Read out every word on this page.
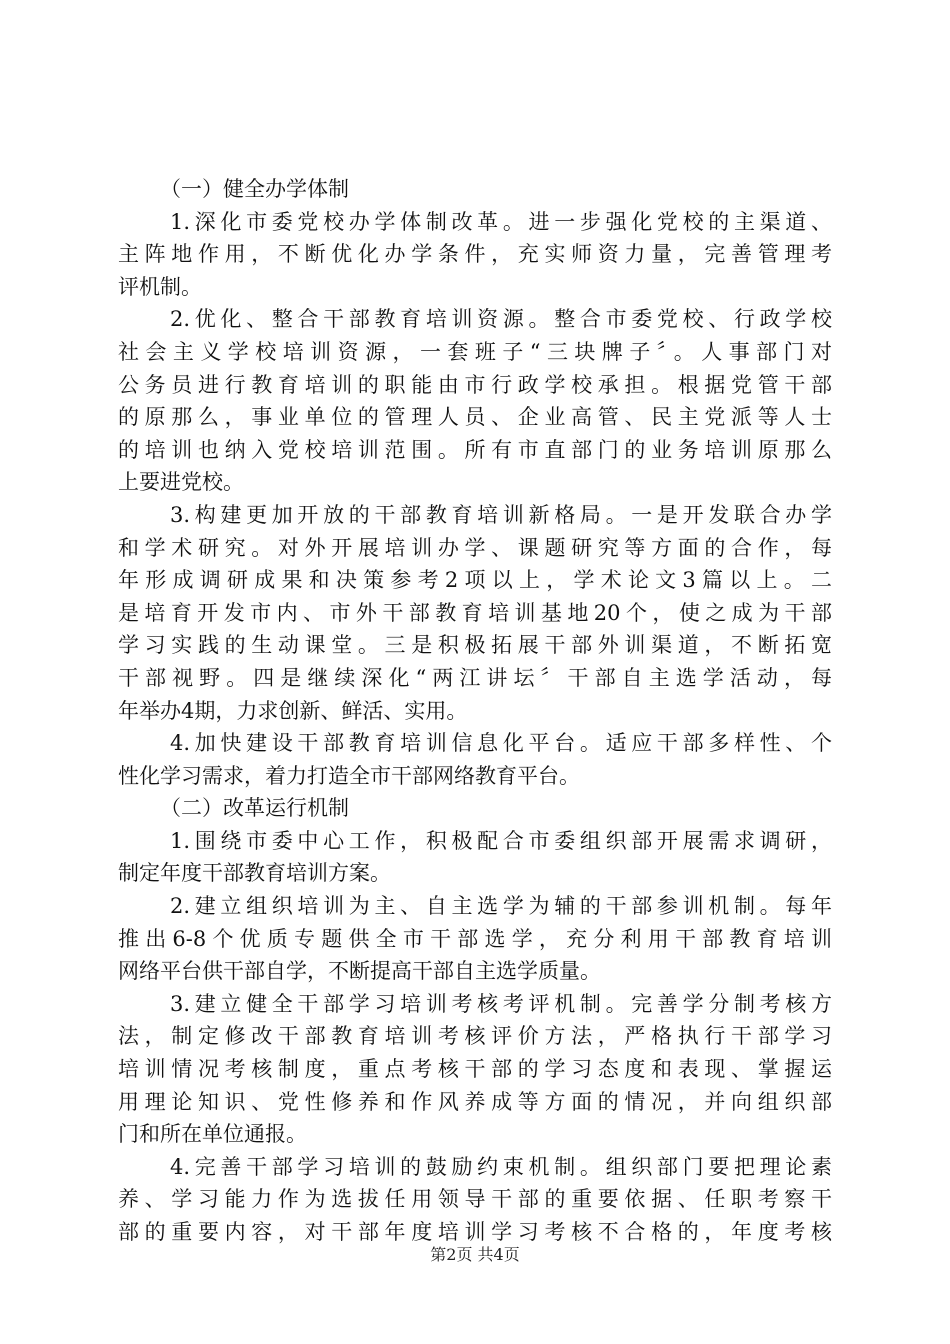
（一）健全办学体制
1.深化市委党校办学体制改革。进一步强化党校的主渠道、
主阵地作用，不断优化办学条件，充实师资力量，完善管理考
评机制。
2.优化、整合干部教育培训资源。整合市委党校、行政学校
社会主义学校培训资源，一套班子“三块牌子〞。人事部门对
公务员进行教育培训的职能由市行政学校承担。根据党管干部
的原那么，事业单位的管理人员、企业高管、民主党派等人士
的培训也纳入党校培训范围。所有市直部门的业务培训原那么
上要进党校。
3.构建更加开放的干部教育培训新格局。一是开发联合办学
和学术研究。对外开展培训办学、课题研究等方面的合作，每
年形成调研成果和决策参考2项以上，学术论文3篇以上。二
是培育开发市内、市外干部教育培训基地20个，使之成为干部
学习实践的生动课堂。三是积极拓展干部外训渠道，不断拓宽
干部视野。四是继续深化“两江讲坛〞干部自主选学活动，每
年举办4期，力求创新、鲜活、实用。
4.加快建设干部教育培训信息化平台。适应干部多样性、个
性化学习需求，着力打造全市干部网络教育平台。
（二）改革运行机制
1.围绕市委中心工作，积极配合市委组织部开展需求调研，
制定年度干部教育培训方案。
2.建立组织培训为主、自主选学为辅的干部参训机制。每年
推出6-8个优质专题供全市干部选学，充分利用干部教育培训
网络平台供干部自学，不断提高干部自主选学质量。
3.建立健全干部学习培训考核考评机制。完善学分制考核方
法，制定修改干部教育培训考核评价方法，严格执行干部学习
培训情况考核制度，重点考核干部的学习态度和表现、掌握运
用理论知识、党性修养和作风养成等方面的情况，并向组织部
门和所在单位通报。
4.完善干部学习培训的鼓励约束机制。组织部门要把理论素
养、学习能力作为选拔任用领导干部的重要依据、任职考察干
部的重要内容，对干部年度培训学习考核不合格的，年度考核
第2页 共4页
